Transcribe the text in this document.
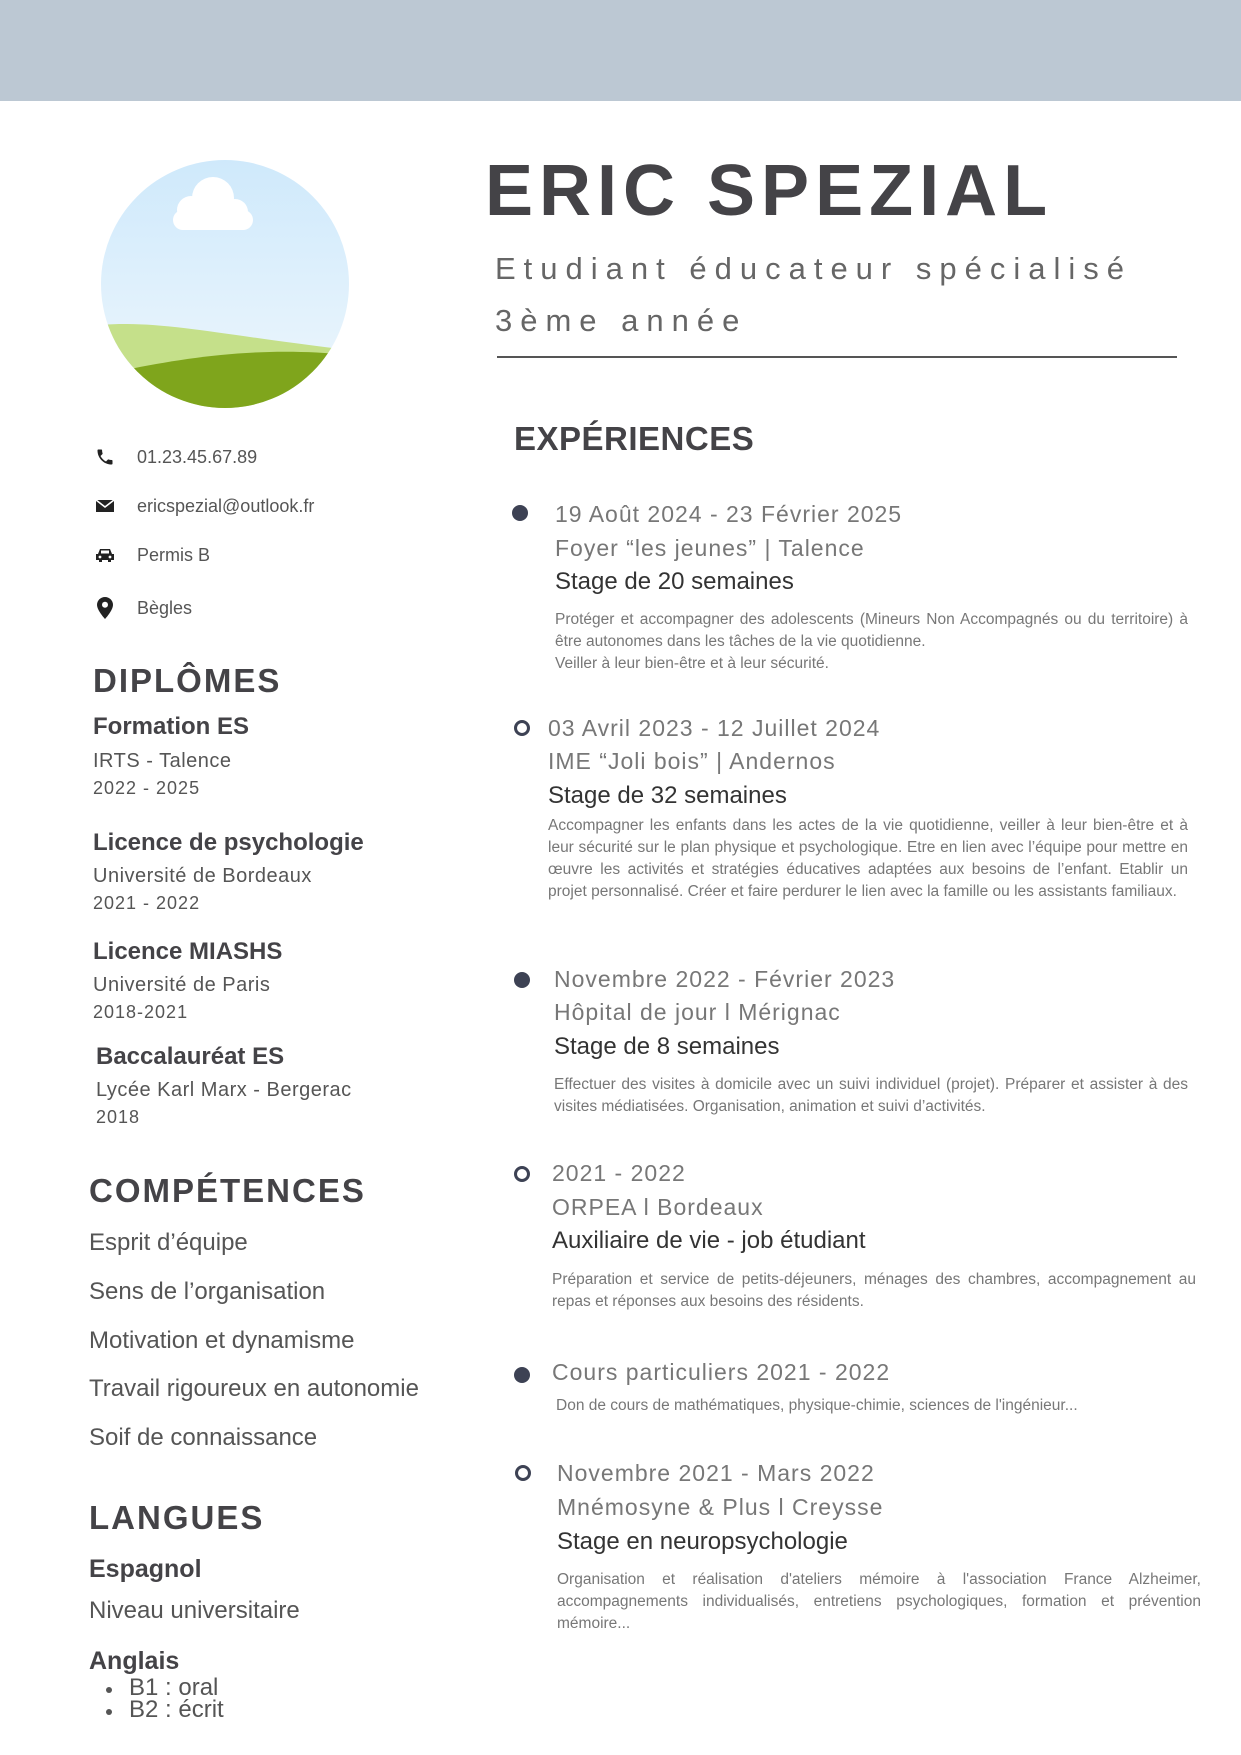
ERIC SPEZIAL
Etudiant éducateur spécialisé
3ème année
01.23.45.67.89
ericspezial@outlook.fr
Permis B
Bègles
DIPLÔMES
Formation ES
IRTS - Talence
2022 - 2025
Licence de psychologie
Université de Bordeaux
2021 - 2022
Licence MIASHS
Université de Paris
2018-2021
Baccalauréat ES
Lycée Karl Marx - Bergerac
2018
COMPÉTENCES
Esprit d’équipe
Sens de l’organisation
Motivation et dynamisme
Travail rigoureux en autonomie
Soif de connaissance
LANGUES
Espagnol
Niveau universitaire
Anglais
B1 : oral
B2 : écrit
EXPÉRIENCES
19 Août 2024 - 23 Février 2025
Foyer “les jeunes” | Talence
Stage de 20 semaines

Protéger et accompagner des adolescents (Mineurs Non Accompagnés ou du territoire) à être autonomes dans les tâches de la vie quotidienne.

Veiller à leur bien-être et à leur sécurité.

03 Avril 2023 - 12 Juillet 2024
IME “Joli bois” | Andernos
Stage de 32 semaines

Accompagner les enfants dans les actes de la vie quotidienne, veiller à leur bien-être et à leur sécurité sur le plan physique et psychologique. Etre en lien avec l’équipe pour mettre en œuvre les activités et stratégies éducatives adaptées aux besoins de l’enfant. Etablir un projet personnalisé. Créer et faire perdurer le lien avec la famille ou les assistants familiaux.

Novembre 2022 - Février 2023
Hôpital de jour l Mérignac
Stage de 8 semaines

Effectuer des visites à domicile avec un suivi individuel (projet). Préparer et assister à des visites médiatisées. Organisation, animation et suivi d’activités.

2021 - 2022
ORPEA l Bordeaux
Auxiliaire de vie - job étudiant

Préparation et service de petits-déjeuners, ménages des chambres, accompagnement au repas et réponses aux besoins des résidents.

Cours particuliers 2021 - 2022

Don de cours de mathématiques, physique-chimie, sciences de l'ingénieur...

Novembre 2021 - Mars 2022
Mnémosyne & Plus l Creysse
Stage en neuropsychologie

Organisation et réalisation d'ateliers mémoire à l'association France Alzheimer, accompagnements individualisés, entretiens psychologiques, formation et prévention mémoire...
